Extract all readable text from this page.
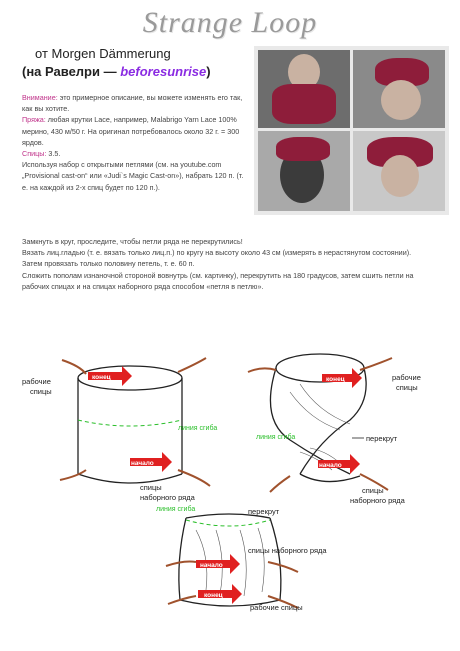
Strange Loop
от Morgen Dämmerung
(на Равелри — beforesunrise)
Внимание: это примерное описание, вы можете изменять его так, как вы хотите.
Пряжа: любая крутки Lace, например, Malabrigo Yarn Lace 100% мерино, 430 м/50 г. На оригинал потребовалось около 32 г. = 300 ярдов.
Спицы: 3.5.
Используя набор с открытыми петлями (см. на youtube.com „Provisional cast-on“ или «Judi`s Magic Cast-on»), набрать 120 п. (т. е. на каждой из 2-х спиц будет по 120 п.).
Замкнуть в круг, проследите, чтобы петли ряда не перекрутились!
Вязать лиц.гладью (т. е. вязать только лиц.п.) по кругу на высоту около 43 см (измерять в нерастянутом состоянии). Затем провязать только половину петель, т. е. 60 п.
Сложить пополам изнаночной стороной вовнутрь (см. картинку), перекрутить на 180 градусов, затем сшить петли на рабочих спицах и на спицах наборного ряда способом «петля в петлю».
конец
начало
рабочие
спицы
линия сгиба
спицы
наборного ряда
конец
начало
рабочие
спицы
линия сгиба	перекрут
спицы
наборного ряда
начало
конец
линия сгиба	перекрут
спицы наборного ряда
рабочие спицы
